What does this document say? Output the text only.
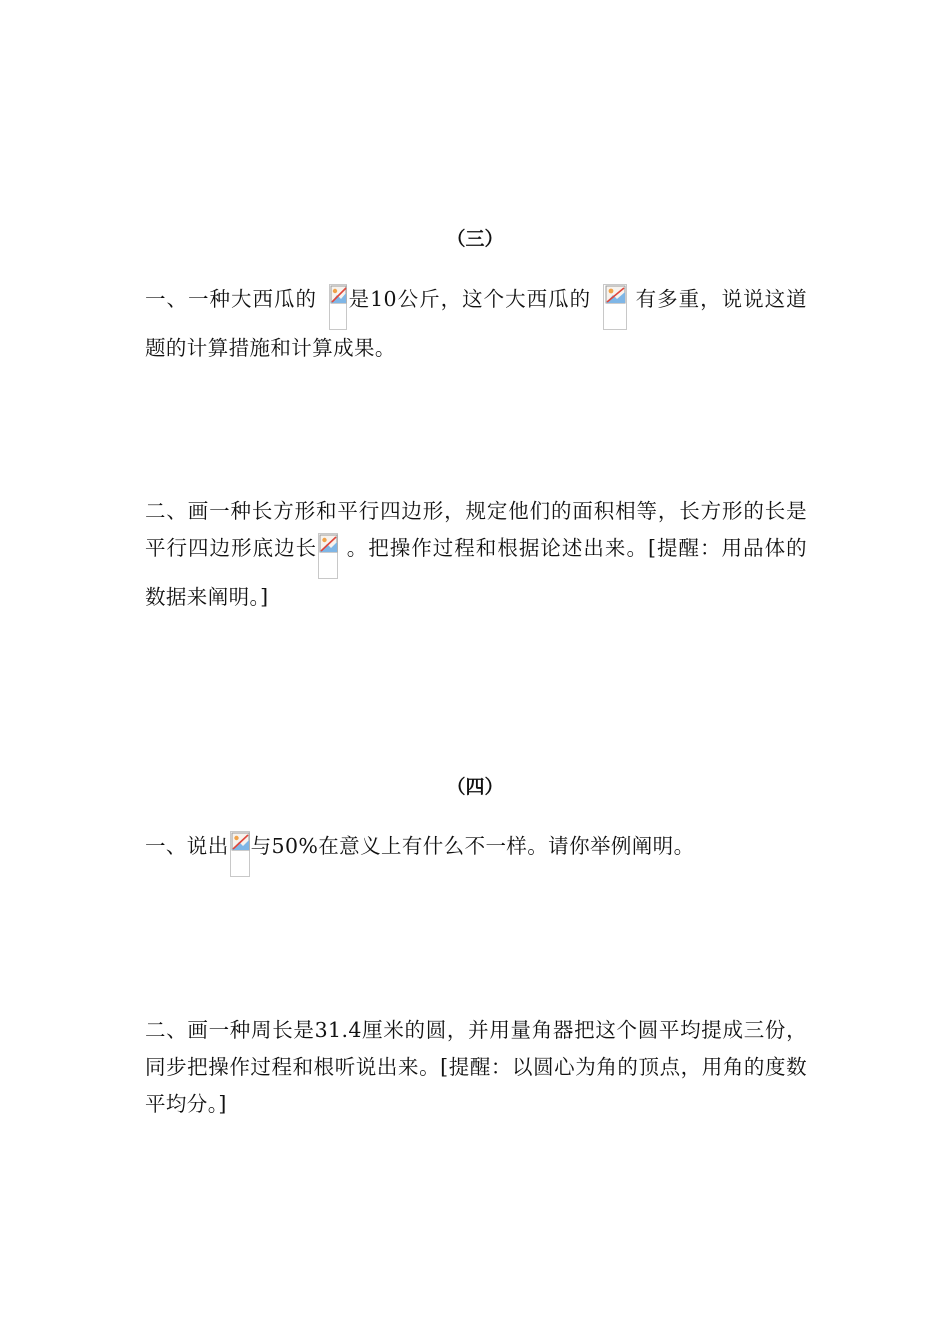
（三）
一、一种大西瓜的 是10公斤，这个大西瓜的
有多重，说说这道题的计算措施和计算成果。
二、画一种长方形和平行四边形，规定他们的面积相等，长方形的长是平行四边形底边长
。把操作过程和根据论述出来。[提醒：用品体的数据来阐明。]
（四）
一、说出 与50%在意义上有什么不一样。请你举例阐明。
二、画一种周长是31.4厘米的圆，并用量角器把这个圆平均提成三份，同步把操作过程和根听说出来。[提醒：以圆心为角的顶点，用角的度数平均分。]
